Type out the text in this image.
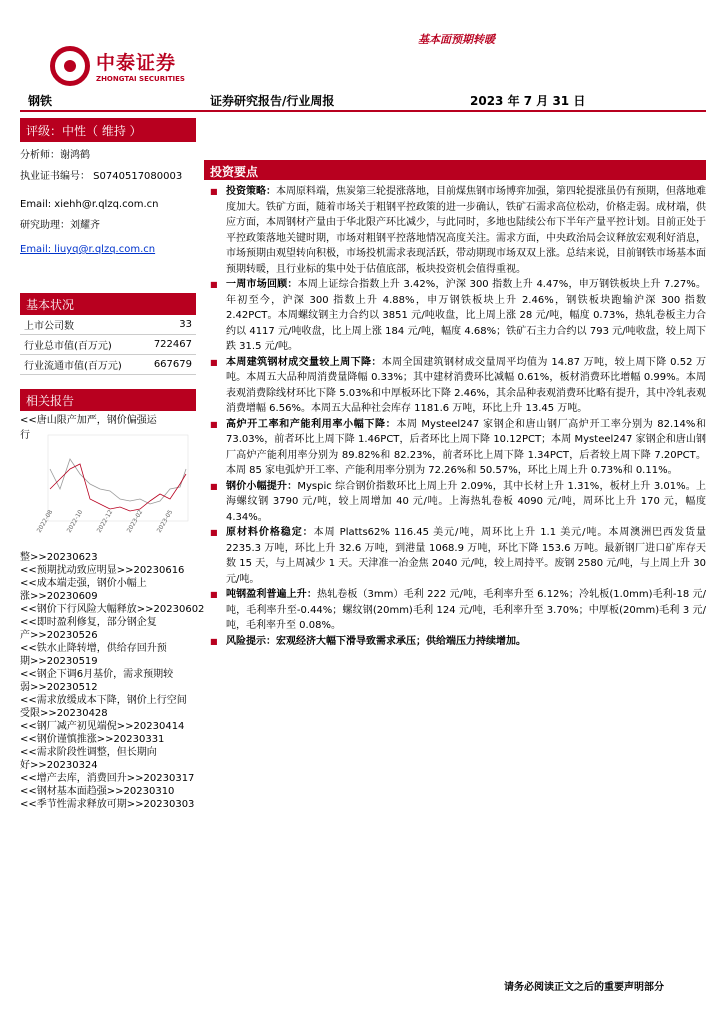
基本面预期转暖
中泰证券
ZHONGTAI SECURITIES
钢铁	证券研究报告/行业周报	2023 年 7 月 31 日
评级：中性（ 维持 ）
分析师：谢鸿鹤
执业证书编号： S0740517080003
Email: xiehh@r.qlzq.com.cn
研究助理：刘耀齐
Email: liuyq@r.qlzq.com.cn
基本状况
上市公司数	33
行业总市值(百万元)	722467
行业流通市值(百万元)	667679
相关报告
<<唐山限产加严，钢价偏强运
行
2022-08 2022-10 2022-12 2023-02 2023-05
整>>20230623
<<预期扰动致应明显>>20230616
<<成本端走强，钢价小幅上
涨>>20230609
<<钢价下行风险大幅释放>>20230602
<<即时盈利修复，部分钢企复
产>>20230526
<<铁水止降转增，供给存回升预
期>>20230519
<<钢企下调6月基价，需求预期较
弱>>20230512
<<需求放缓成本下降，钢价上行空间
受限>>20230428
<<钢厂减产初见端倪>>20230414
<<钢价谨慎推涨>>20230331
<<需求阶段性调整，但长期向
好>>20230324
<<增产去库，消费回升>>20230317
<<钢材基本面趋强>>20230310
<<季节性需求释放可期>>20230303
投资要点
■ 投资策略：本周原料端，焦炭第三轮提涨落地，目前煤焦钢市场博弈加强，第四轮提涨虽仍有预期，但落地难度加大。铁矿方面，随着市场关于粗钢平控政策的进一步确认，铁矿石需求高位松动，价格走弱。成材端，供应方面，本周钢材产量由于华北限产环比减少，与此同时，多地也陆续公布下半年产量平控计划。目前正处于平控政策落地关键时期，市场对粗钢平控落地情况高度关注。需求方面，中央政治局会议释放宏观利好消息，市场预期由观望转向积极，市场投机需求表现活跃，带动期现市场双双上涨。总结来说，目前钢铁市场基本面预期转暖，且行业标的集中处于估值底部，板块投资机会值得重视。
■ 一周市场回顾：本周上证综合指数上升 3.42%，沪深 300 指数上升 4.47%，申万钢铁板块上升 7.27%。年初至今，沪深 300 指数上升 4.88%，申万钢铁板块上升 2.46%，钢铁板块跑输沪深 300 指数 2.42PCT。本周螺纹钢主力合约以 3851 元/吨收盘，比上周上涨 28 元/吨，幅度 0.73%，热轧卷板主力合约以 4117 元/吨收盘，比上周上涨 184 元/吨，幅度 4.68%；铁矿石主力合约以 793 元/吨收盘，较上周下跌 31.5 元/吨。
■ 本周建筑钢材成交量较上周下降：本周全国建筑钢材成交量周平均值为 14.87 万吨，较上周下降 0.52 万吨。本周五大品种周消费量降幅 0.33%；其中建材消费环比减幅 0.61%，板材消费环比增幅 0.99%。本周表观消费除线材环比下降 5.03%和中厚板环比下降 2.46%，其余品种表观消费环比略有提升，其中冷轧表观消费增幅 6.56%。本周五大品种社会库存 1181.6 万吨，环比上升 13.45 万吨。
■ 高炉开工率和产能利用率小幅下降：本周 Mysteel247 家钢企和唐山钢厂高炉开工率分别为 82.14%和 73.03%，前者环比上周下降 1.46PCT，后者环比上周下降 10.12PCT；本周 Mysteel247 家钢企和唐山钢厂高炉产能利用率分别为 89.82%和 82.23%，前者环比上周下降 1.34PCT，后者较上周下降 7.20PCT。本周 85 家电弧炉开工率、产能利用率分别为 72.26%和 50.57%，环比上周上升 0.73%和 0.11%。
■ 钢价小幅提升：Myspic 综合钢价指数环比上周上升 2.09%，其中长材上升 1.31%，板材上升 3.01%。上海螺纹钢 3790 元/吨，较上周增加 40 元/吨。上海热轧卷板 4090 元/吨，周环比上升 170 元，幅度 4.34%。
■ 原材料价格稳定：本周 Platts62% 116.45 美元/吨，周环比上升 1.1 美元/吨。本周澳洲巴西发货量 2235.3 万吨，环比上升 32.6 万吨，到港量 1068.9 万吨，环比下降 153.6 万吨。最新钢厂进口矿库存天数 15 天，与上周减少 1 天。天津准一冶金焦 2040 元/吨，较上周持平。废钢 2580 元/吨，与上周上升 30 元/吨。
■ 吨钢盈利普遍上升：热轧卷板（3mm）毛利 222 元/吨，毛利率升至 6.12%；冷轧板(1.0mm)毛利-18 元/吨，毛利率升至-0.44%；螺纹钢(20mm)毛利 124 元/吨，毛利率升至 3.70%；中厚板(20mm)毛利 3 元/吨，毛利率升至 0.08%。
■ 风险提示：宏观经济大幅下滑导致需求承压；供给端压力持续增加。
请务必阅读正文之后的重要声明部分
